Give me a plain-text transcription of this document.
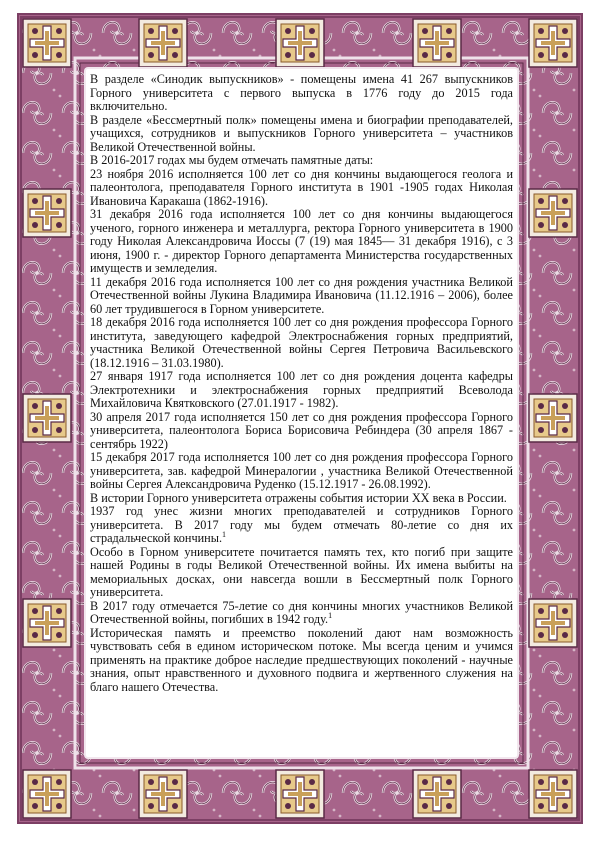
В разделе «Синодик выпускников» - помещены имена 41 267 выпускников Горного университета с первого выпуска в 1776 году до 2015 года включительно.

В разделе «Бессмертный полк» помещены имена и биографии преподавателей, учащихся, сотрудников и выпускников Горного университета – участников Великой Отечественной войны.

В 2016-2017 годах мы будем отмечать памятные даты:

23 ноября 2016 исполняется 100 лет со дня кончины выдающегося геолога и палеонтолога, преподавателя Горного института в 1901 -1905 годах Николая Ивановича Каракаша (1862-1916).

31 декабря 2016 года исполняется 100 лет со дня кончины выдающегося ученого, горного инженера и металлурга, ректора Горного университета в 1900 году Николая Александровича Иоссы (7 (19) мая 1845— 31 декабря 1916), с 3 июня, 1900 г. - директор Горного департамента Министерства государственных имуществ и земледелия.

11 декабря 2016 года исполняется 100 лет со дня рождения участника Великой Отечественной войны Лукина Владимира Ивановича (11.12.1916 – 2006), более 60 лет трудившегося в Горном университете.

18 декабря 2016 года исполняется 100 лет со дня рождения профессора Горного института, заведующего кафедрой Электроснабжения горных предприятий, участника Великой Отечественной войны Сергея Петровича Васильевского (18.12.1916 – 31.03.1980).

27 января 1917 года исполняется 100 лет со дня рождения доцента кафедры Электротехники и электроснабжения горных предприятий Всеволода Михайловича Квятковского (27.01.1917 - 1982).

30 апреля 2017 года исполняется 150 лет со дня рождения профессора Горного университета, палеонтолога Бориса Борисовича Ребиндера (30 апреля 1867 - сентябрь 1922)

15 декабря 2017 года исполняется 100 лет со дня рождения профессора Горного университета, зав. кафедрой Минералогии , участника Великой Отечественной войны Сергея Александровича Руденко (15.12.1917 - 26.08.1992).

В истории Горного университета отражены события истории XX века в России.

1937 год унес жизни многих преподавателей и сотрудников Горного университета. В 2017 году мы будем отмечать 80-летие со дня их страдальческой кончины.$^1$

Особо в Горном университете почитается память тех, кто погиб при защите нашей Родины в годы Великой Отечественной войны. Их имена выбиты на мемориальных досках, они навсегда вошли в Бессмертный полк Горного университета.

В 2017 году отмечается 75-летие со дня кончины многих участников Великой Отечественной войны, погибших в 1942 году.$^1$

Историческая память и преемство поколений дают нам возможность чувствовать себя в едином историческом потоке. Мы всегда ценим и учимся применять на практике доброе наследие предшествующих поколений - научные знания, опыт нравственного и духовного подвига и жертвенного служения на благо нашего Отечества.
